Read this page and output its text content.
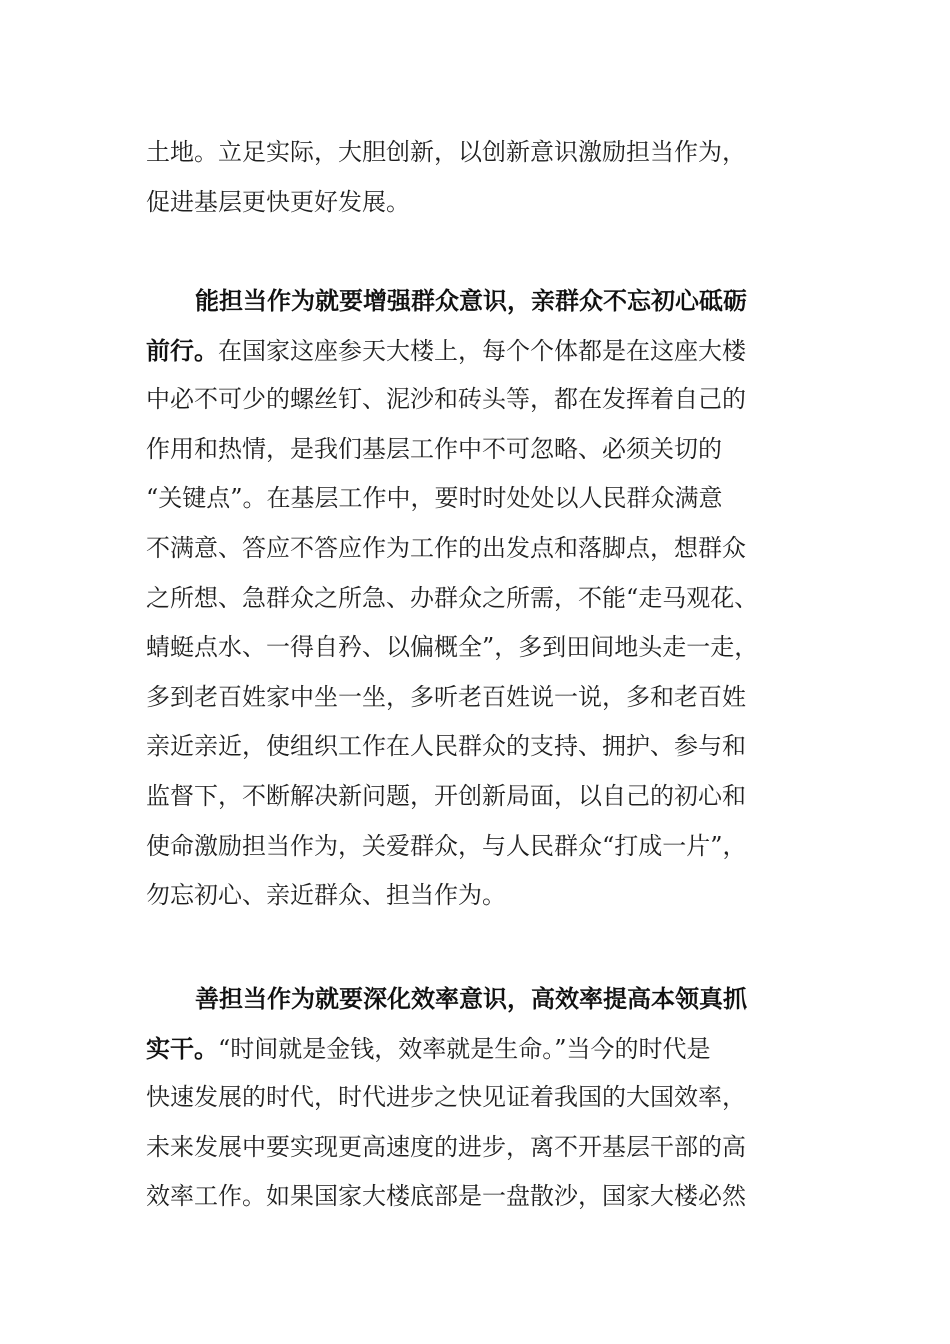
土地。立足实际，大胆创新，以创新意识激励担当作为，
促进基层更快更好发展。
能担当作为就要增强群众意识，亲群众不忘初心砥砺
前行。在国家这座参天大楼上，每个个体都是在这座大楼
中必不可少的螺丝钉、泥沙和砖头等，都在发挥着自己的
作用和热情，是我们基层工作中不可忽略、必须关切的
“关键点”。在基层工作中，要时时处处以人民群众满意
不满意、答应不答应作为工作的出发点和落脚点，想群众
之所想、急群众之所急、办群众之所需，不能“走马观花、
蜻蜓点水、一得自矜、以偏概全”，多到田间地头走一走，
多到老百姓家中坐一坐，多听老百姓说一说，多和老百姓
亲近亲近，使组织工作在人民群众的支持、拥护、参与和
监督下，不断解决新问题，开创新局面，以自己的初心和
使命激励担当作为，关爱群众，与人民群众“打成一片”，
勿忘初心、亲近群众、担当作为。
善担当作为就要深化效率意识，高效率提高本领真抓
实干。“时间就是金钱，效率就是生命。”当今的时代是
快速发展的时代，时代进步之快见证着我国的大国效率，
未来发展中要实现更高速度的进步，离不开基层干部的高
效率工作。如果国家大楼底部是一盘散沙，国家大楼必然
